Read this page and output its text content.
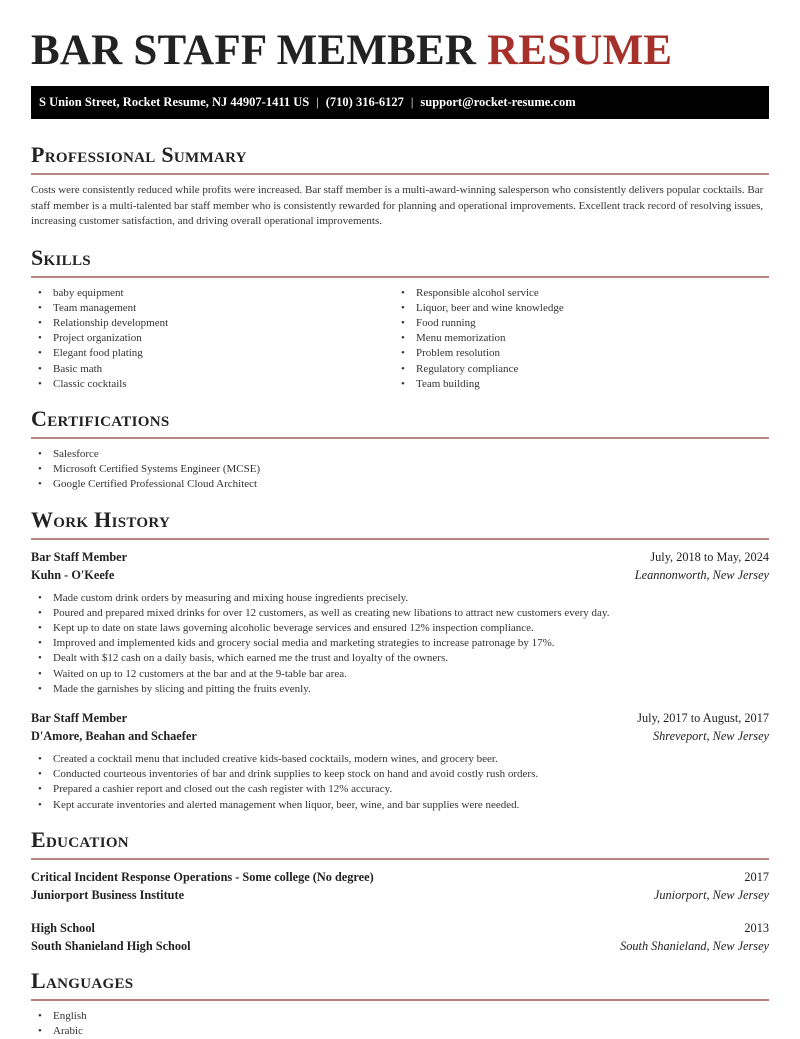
BAR STAFF MEMBER RESUME
S Union Street, Rocket Resume, NJ 44907-1411 US | (710) 316-6127 | support@rocket-resume.com
Professional Summary

Costs were consistently reduced while profits were increased. Bar staff member is a multi-award-winning salesperson who consistently delivers popular cocktails. Bar staff member is a multi-talented bar staff member who is consistently rewarded for planning and operational improvements. Excellent track record of resolving issues, increasing customer satisfaction, and driving overall operational improvements.

Skills
• baby equipment
• Team management
• Relationship development
• Project organization
• Elegant food plating
• Basic math
• Classic cocktails
• Responsible alcohol service
• Liquor, beer and wine knowledge
• Food running
• Menu memorization
• Problem resolution
• Regulatory compliance
• Team building
Certifications
• Salesforce
• Microsoft Certified Systems Engineer (MCSE)
• Google Certified Professional Cloud Architect
Work History
Bar Staff Member	July, 2018 to May, 2024
Kuhn - O'Keefe	Leannonworth, New Jersey
• Made custom drink orders by measuring and mixing house ingredients precisely.
• Poured and prepared mixed drinks for over 12 customers, as well as creating new libations to attract new customers every day.
• Kept up to date on state laws governing alcoholic beverage services and ensured 12% inspection compliance.
• Improved and implemented kids and grocery social media and marketing strategies to increase patronage by 17%.
• Dealt with $12 cash on a daily basis, which earned me the trust and loyalty of the owners.
• Waited on up to 12 customers at the bar and at the 9-table bar area.
• Made the garnishes by slicing and pitting the fruits evenly.
Bar Staff Member	July, 2017 to August, 2017
D'Amore, Beahan and Schaefer	Shreveport, New Jersey
• Created a cocktail menu that included creative kids-based cocktails, modern wines, and grocery beer.
• Conducted courteous inventories of bar and drink supplies to keep stock on hand and avoid costly rush orders.
• Prepared a cashier report and closed out the cash register with 12% accuracy.
• Kept accurate inventories and alerted management when liquor, beer, wine, and bar supplies were needed.
Education
Critical Incident Response Operations - Some college (No degree)	2017
Juniorport Business Institute	Juniorport, New Jersey
High School	2013
South Shanieland High School	South Shanieland, New Jersey
Languages
• English
• Arabic
